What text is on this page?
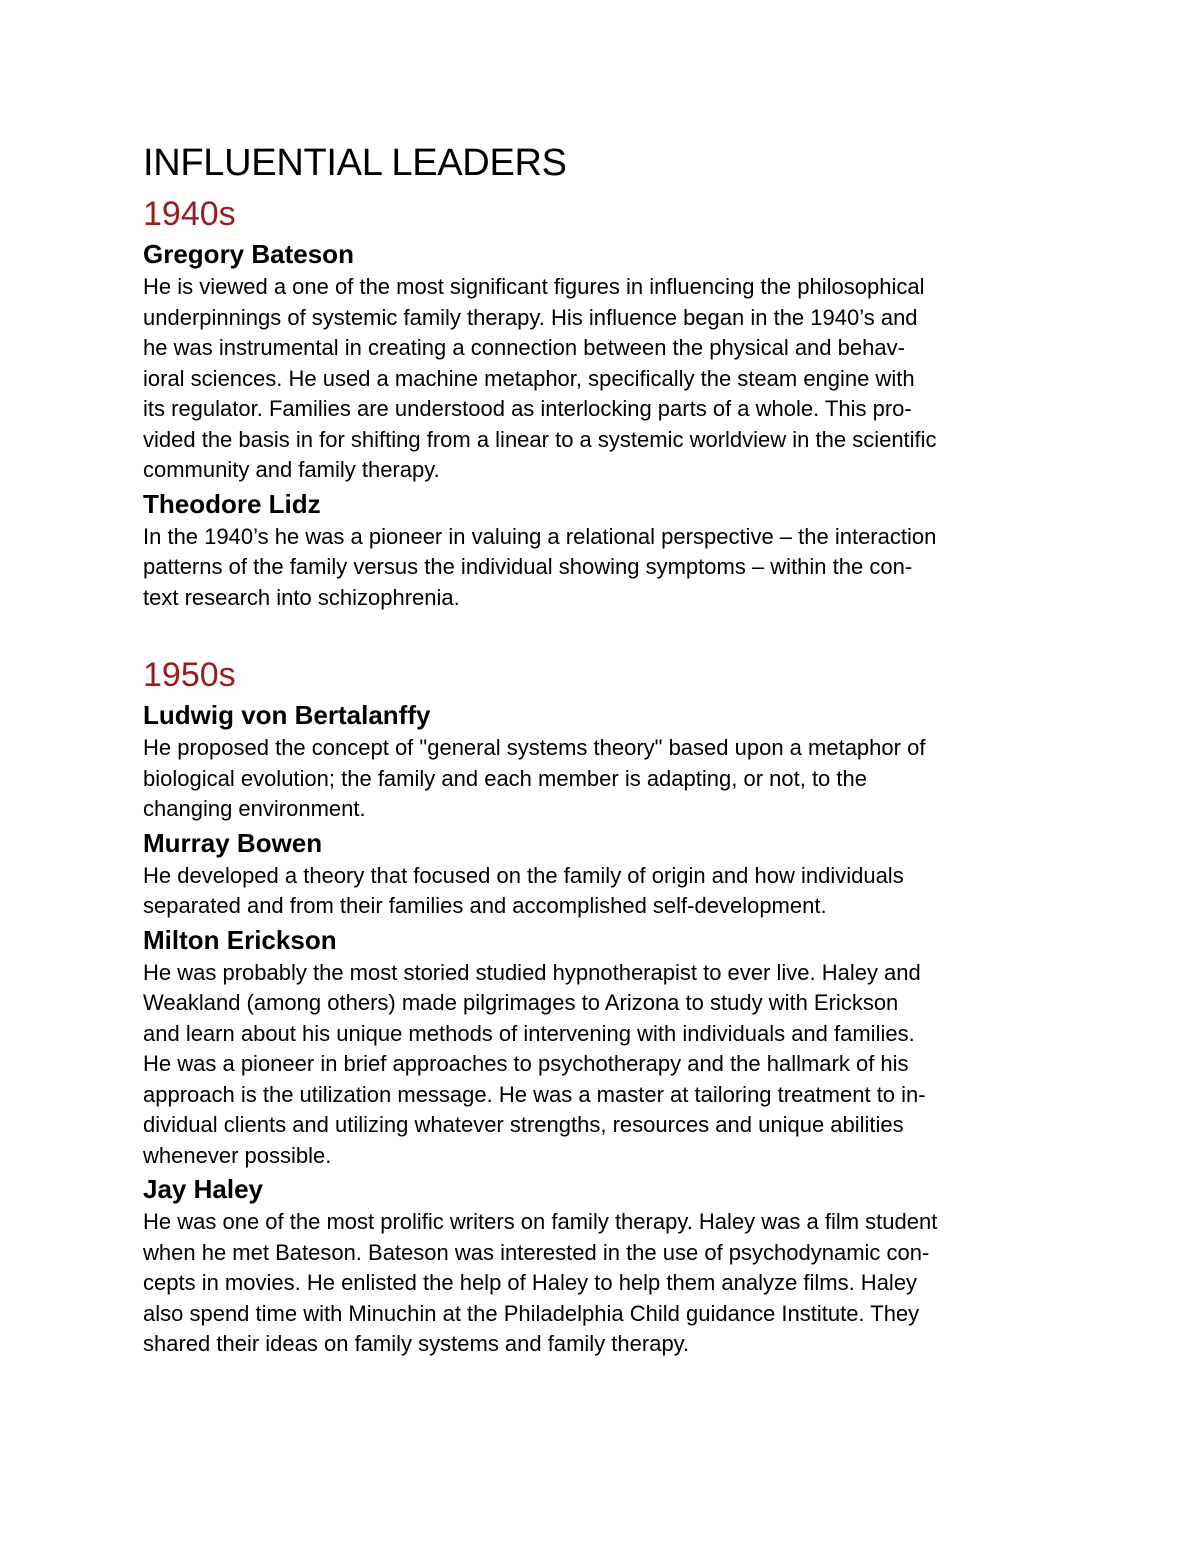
INFLUENTIAL LEADERS
1940s
Gregory Bateson

He is viewed a one of the most significant figures in influencing the philosophical
underpinnings of systemic family therapy. His influence began in the 1940’s and
he was instrumental in creating a connection between the physical and behav-
ioral sciences. He used a machine metaphor, specifically the steam engine with
its regulator. Families are understood as interlocking parts of a whole. This pro-
vided the basis in for shifting from a linear to a systemic worldview in the scientific
community and family therapy.

Theodore Lidz

In the 1940’s he was a pioneer in valuing a relational perspective – the interaction
patterns of the family versus the individual showing symptoms – within the con-
text research into schizophrenia.

1950s
Ludwig von Bertalanffy

He proposed the concept of "general systems theory" based upon a metaphor of
biological evolution; the family and each member is adapting, or not, to the
changing environment.

Murray Bowen

He developed a theory that focused on the family of origin and how individuals
separated and from their families and accomplished self-development.

Milton Erickson

He was probably the most storied studied hypnotherapist to ever live. Haley and
Weakland (among others) made pilgrimages to Arizona to study with Erickson
and learn about his unique methods of intervening with individuals and families.
He was a pioneer in brief approaches to psychotherapy and the hallmark of his
approach is the utilization message. He was a master at tailoring treatment to in-
dividual clients and utilizing whatever strengths, resources and unique abilities
whenever possible.

Jay Haley

He was one of the most prolific writers on family therapy. Haley was a film student
when he met Bateson. Bateson was interested in the use of psychodynamic con-
cepts in movies. He enlisted the help of Haley to help them analyze films. Haley
also spend time with Minuchin at the Philadelphia Child guidance Institute. They
shared their ideas on family systems and family therapy.
